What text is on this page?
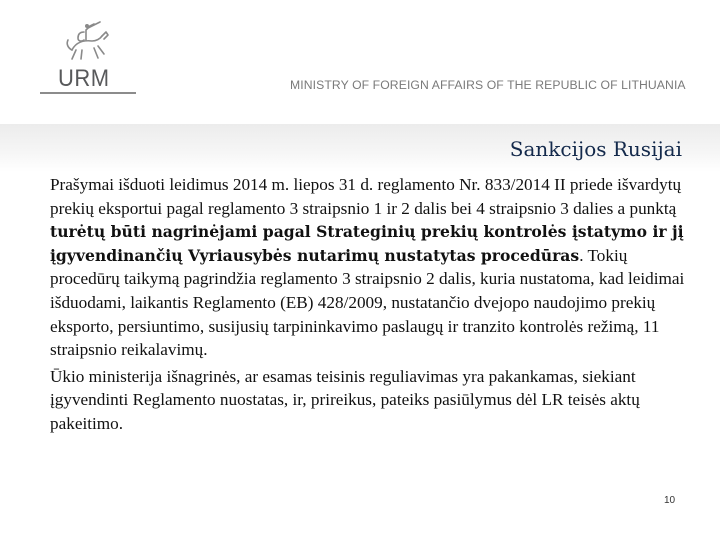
URM	MINISTRY OF FOREIGN AFFAIRS OF THE REPUBLIC OF LITHUANIA
Sankcijos Rusijai

Prašymai išduoti leidimus 2014 m. liepos 31 d. reglamento Nr. 833/2014 II priede išvardytų prekių eksportui pagal reglamento 3 straipsnio 1 ir 2 dalis bei 4 straipsnio 3 dalies a punktą turėtų būti nagrinėjami pagal Strateginių prekių kontrolės įstatymo ir jį įgyvendinančių Vyriausybės nutarimų nustatytas procedūras. Tokių procedūrų taikymą pagrindžia reglamento 3 straipsnio 2 dalis, kuria nustatoma, kad leidimai išduodami, laikantis Reglamento (EB) 428/2009, nustatančio dvejopo naudojimo prekių eksporto, persiuntimo, susijusių tarpininkavimo paslaugų ir tranzito kontrolės režimą, 11 straipsnio reikalavimų.

Ūkio ministerija išnagrinės, ar esamas teisinis reguliavimas yra pakankamas, siekiant įgyvendinti Reglamento nuostatas, ir, prireikus, pateiks pasiūlymus dėl LR teisės aktų pakeitimo.

10
